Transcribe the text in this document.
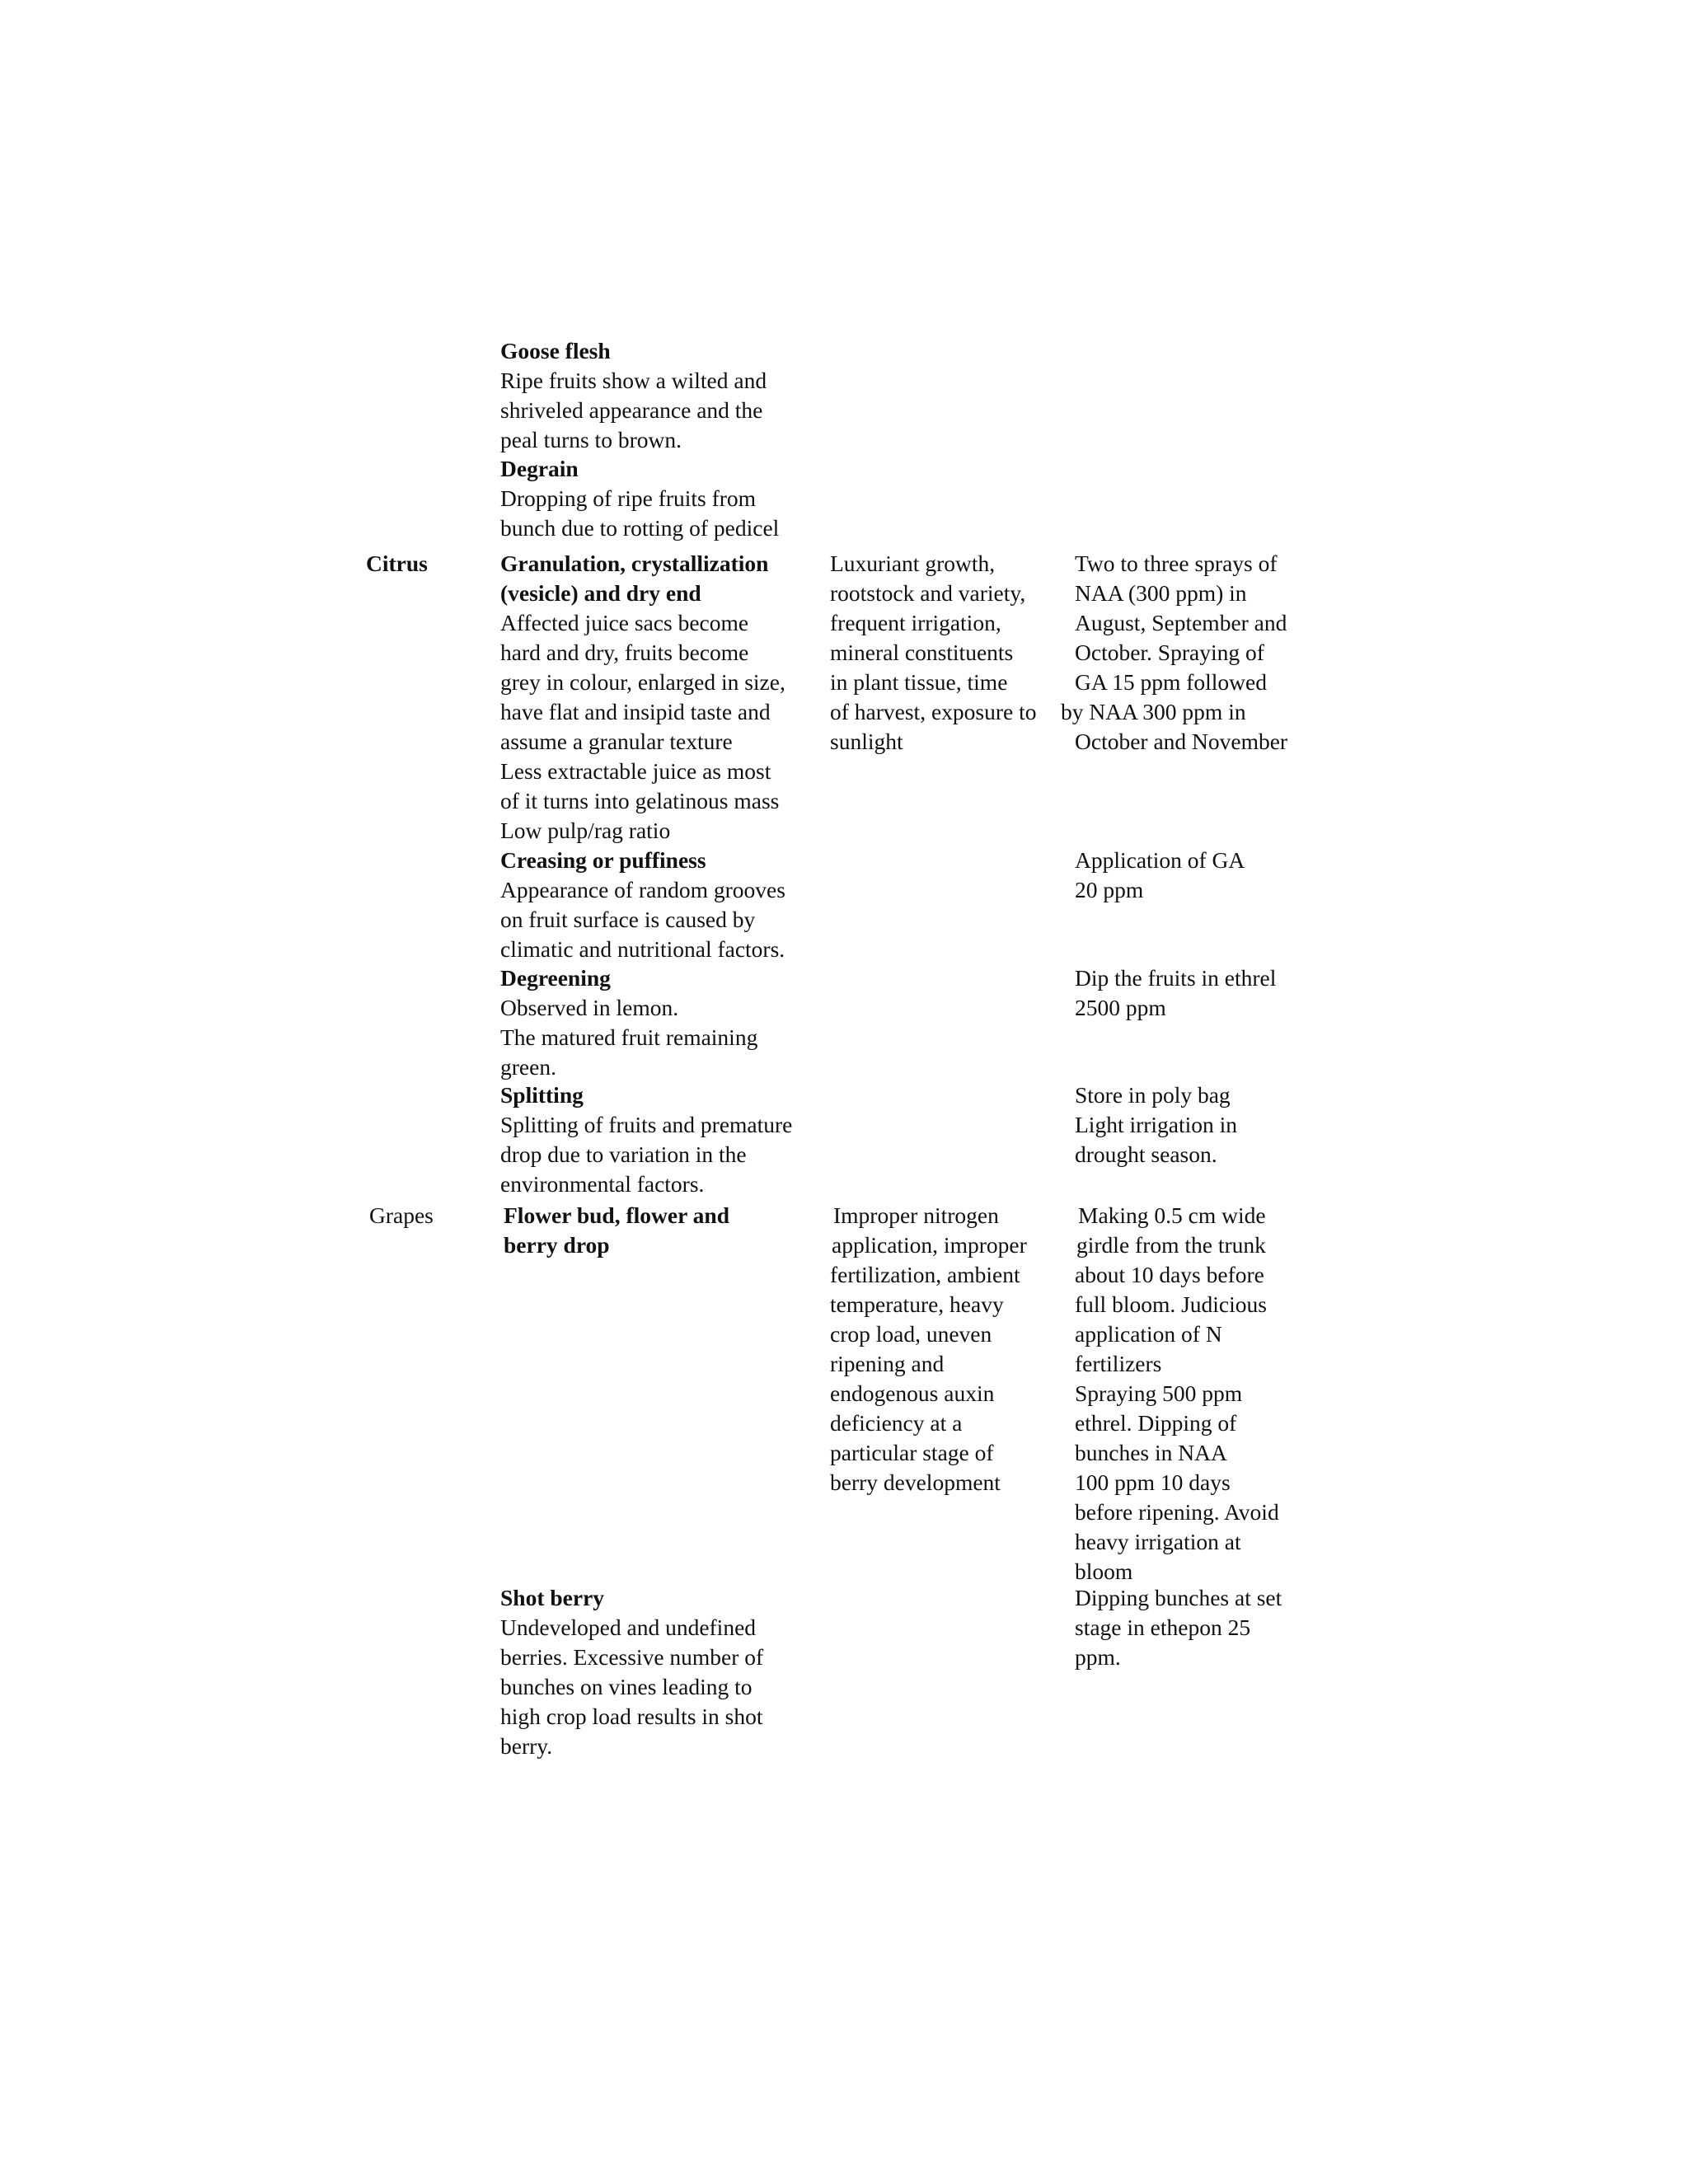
Goose flesh
Ripe fruits show a wilted and
shriveled appearance and the
peal turns to brown.
Degrain
Dropping of ripe fruits from
bunch due to rotting of pedicel
Citrus	Granulation, crystallization
(vesicle) and dry end
Affected juice sacs become
hard and dry, fruits become
grey in colour, enlarged in size,
have flat and insipid taste and
assume a granular texture
Less extractable juice as most
of it turns into gelatinous mass
Low pulp/rag ratio
Luxuriant growth,
rootstock and variety,
frequent irrigation,
mineral constituents
in plant tissue, time
of harvest, exposure to
sunlight
Two to three sprays of
NAA (300 ppm) in
August, September and
October. Spraying of
GA 15 ppm followed
by NAA 300 ppm in
October and November
Creasing or puffiness
Appearance of random grooves
on fruit surface is caused by
climatic and nutritional factors.
Application of GA
20 ppm
Degreening
Observed in lemon.
The matured fruit remaining
green.
Dip the fruits in ethrel
2500 ppm
Splitting
Splitting of fruits and premature
drop due to variation in the
environmental factors.
Store in poly bag
Light irrigation in
drought season.
Grapes	Flower bud, flower and
berry drop
Improper nitrogen
application, improper
fertilization, ambient
temperature, heavy
crop load, uneven
ripening and
endogenous auxin
deficiency at a
particular stage of
berry development
Making 0.5 cm wide
girdle from the trunk
about 10 days before
full bloom. Judicious
application of N
fertilizers
Spraying 500 ppm
ethrel. Dipping of
bunches in NAA
100 ppm 10 days
before ripening. Avoid
heavy irrigation at
bloom
Shot berry
Undeveloped and undefined
berries. Excessive number of
bunches on vines leading to
high crop load results in shot
berry.
Dipping bunches at set
stage in ethepon 25
ppm.
